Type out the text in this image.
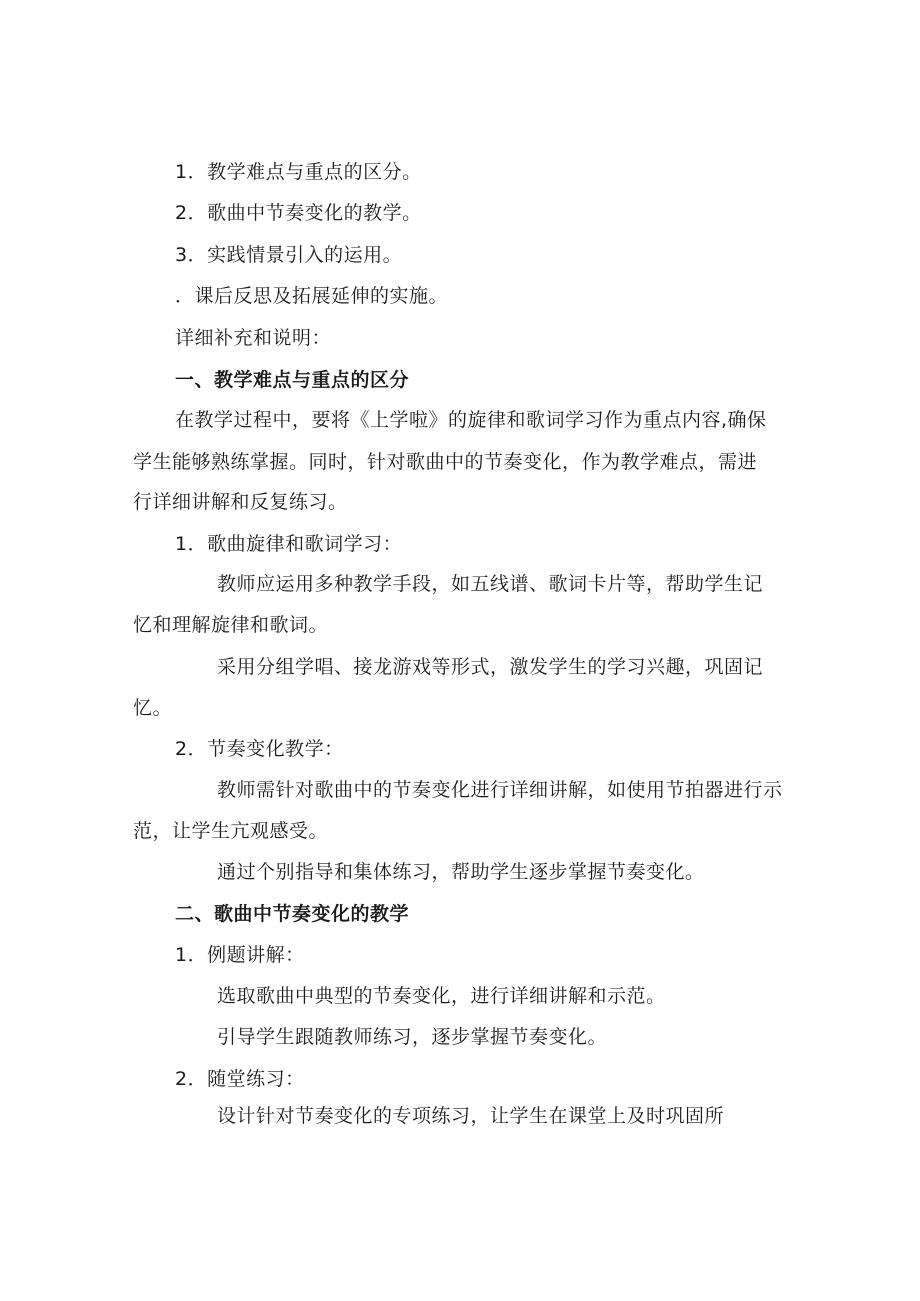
1．教学难点与重点的区分。
2．歌曲中节奏变化的教学。
3．实践情景引入的运用。
．课后反思及拓展延伸的实施。
详细补充和说明：
一、教学难点与重点的区分
在教学过程中，要将《上学啦》的旋律和歌词学习作为重点内容,确保
学生能够熟练掌握。同时，针对歌曲中的节奏变化，作为教学难点，需进
行详细讲解和反复练习。
1．歌曲旋律和歌词学习：
教师应运用多种教学手段，如五线谱、歌词卡片等，帮助学生记
忆和理解旋律和歌词。
采用分组学唱、接龙游戏等形式，激发学生的学习兴趣，巩固记
忆。
2．节奏变化教学：
教师需针对歌曲中的节奏变化进行详细讲解，如使用节拍器进行示
范，让学生亢观感受。
通过个别指导和集体练习，帮助学生逐步掌握节奏变化。
二、歌曲中节奏变化的教学
1．例题讲解：
选取歌曲中典型的节奏变化，进行详细讲解和示范。
引导学生跟随教师练习，逐步掌握节奏变化。
2．随堂练习：
设计针对节奏变化的专项练习，让学生在课堂上及时巩固所
